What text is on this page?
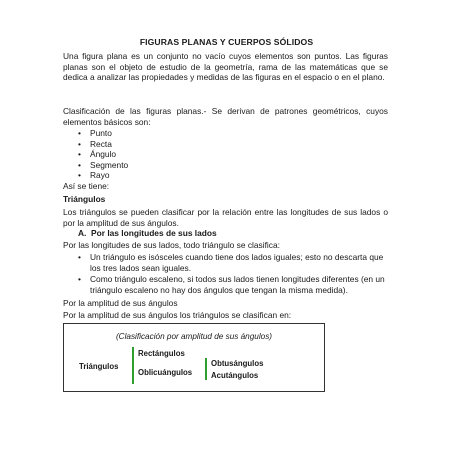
FIGURAS PLANAS Y CUERPOS SÓLIDOS
Una figura plana es un conjunto no vacío cuyos elementos son puntos. Las figuras planas son el objeto de estudio de la geometría, rama de las matemáticas que se dedica a analizar las propiedades y medidas de las figuras en el espacio o en el plano.
Clasificación de las figuras planas.- Se derivan de patrones geométricos, cuyos elementos básicos son:
• Punto
• Recta
• Ángulo
• Segmento
• Rayo
Así se tiene:
Triángulos
Los triángulos se pueden clasificar por la relación entre las longitudes de sus lados o por la amplitud de sus ángulos.
A. Por las longitudes de sus lados
Por las longitudes de sus lados, todo triángulo se clasifica:
• Un triángulo es isósceles cuando tiene dos lados iguales; esto no descarta que los tres lados sean iguales.
• Como triángulo escaleno, si todos sus lados tienen longitudes diferentes (en un triángulo escaleno no hay dos ángulos que tengan la misma medida).
Por la amplitud de sus ángulos
Por la amplitud de sus ángulos los triángulos se clasifican en:
(Clasificación por amplitud de sus ángulos)
Triángulos
Rectángulos
Oblicuángulos
Obtusángulos
Acutángulos
